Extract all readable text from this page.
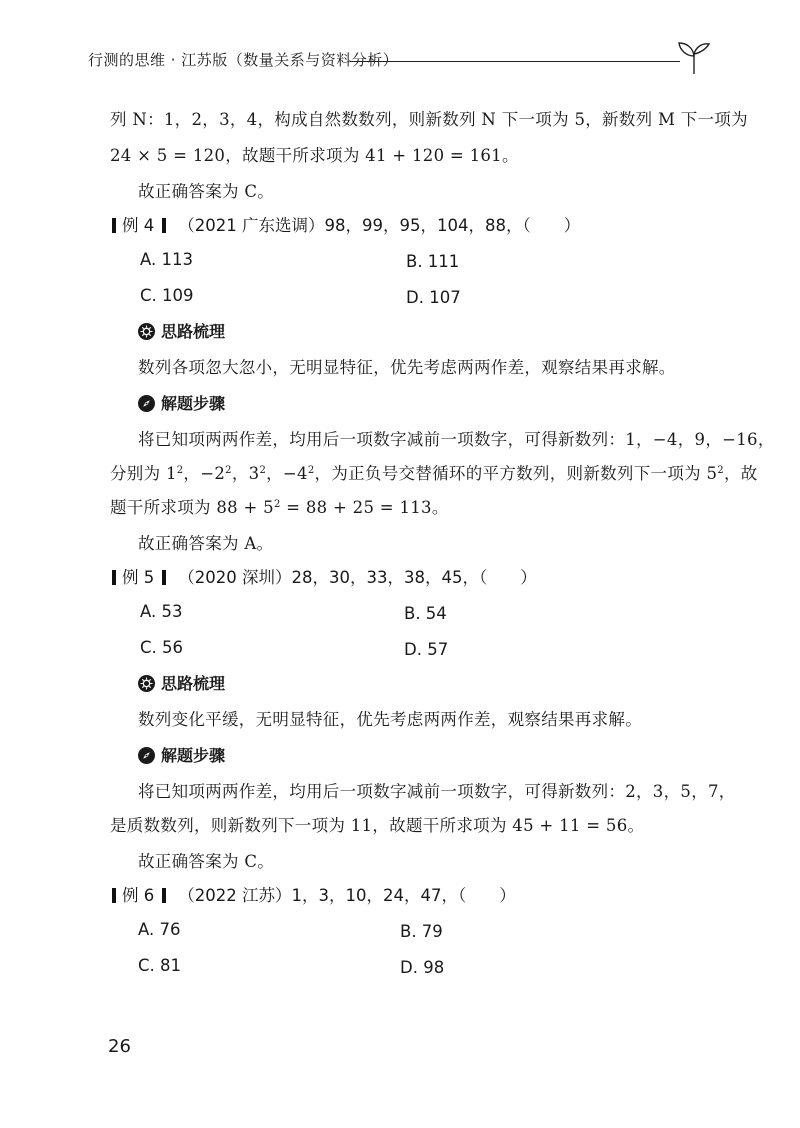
行测的思维 · 江苏版（数量关系与资料分析）
列 N：1，2，3，4，构成自然数数列，则新数列 N 下一项为 5，新数列 M 下一项为
24 × 5 = 120，故题干所求项为 41 + 120 = 161。
故正确答案为 C。
例 4 （2021 广东选调）98，99，95，104，88，（　　）
A. 113	B. 111
C. 109	D. 107
思路梳理
数列各项忽大忽小，无明显特征，优先考虑两两作差，观察结果再求解。
解题步骤
将已知项两两作差，均用后一项数字减前一项数字，可得新数列：1，−4，9，−16，
分别为 $1^2$，$-2^2$，$3^2$，$-4^2$，为正负号交替循环的平方数列，则新数列下一项为 $5^2$，故
题干所求项为 $88 + 5^2 = 88 + 25 = 113$。
故正确答案为 A。
例 5 （2020 深圳）28，30，33，38，45，（　　）
A. 53	B. 54
C. 56	D. 57
思路梳理
数列变化平缓，无明显特征，优先考虑两两作差，观察结果再求解。
解题步骤
将已知项两两作差，均用后一项数字减前一项数字，可得新数列：2，3，5，7，
是质数数列，则新数列下一项为 11，故题干所求项为 45 + 11 = 56。
故正确答案为 C。
例 6 （2022 江苏）1，3，10，24，47，（　　）
A. 76	B. 79
C. 81	D. 98
26
